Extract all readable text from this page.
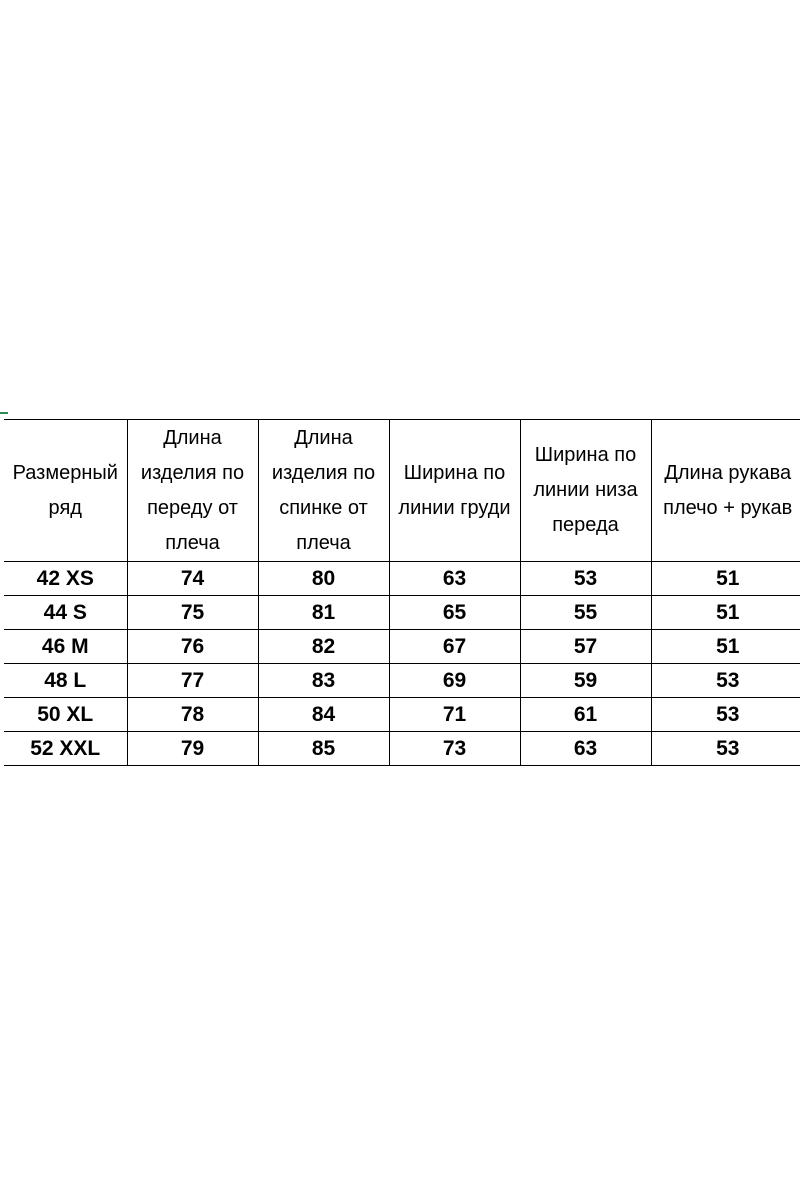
Размерный ряд	Длина изделия по переду от плеча	Длина изделия по спинке от плеча	Ширина по линии груди	Ширина по линии низа переда	Длина рукава плечо + рукав

42 XS	74	80	63	53	51
44 S	75	81	65	55	51
46 M	76	82	67	57	51
48 L	77	83	69	59	53
50 XL	78	84	71	61	53
52 XXL	79	85	73	63	53
